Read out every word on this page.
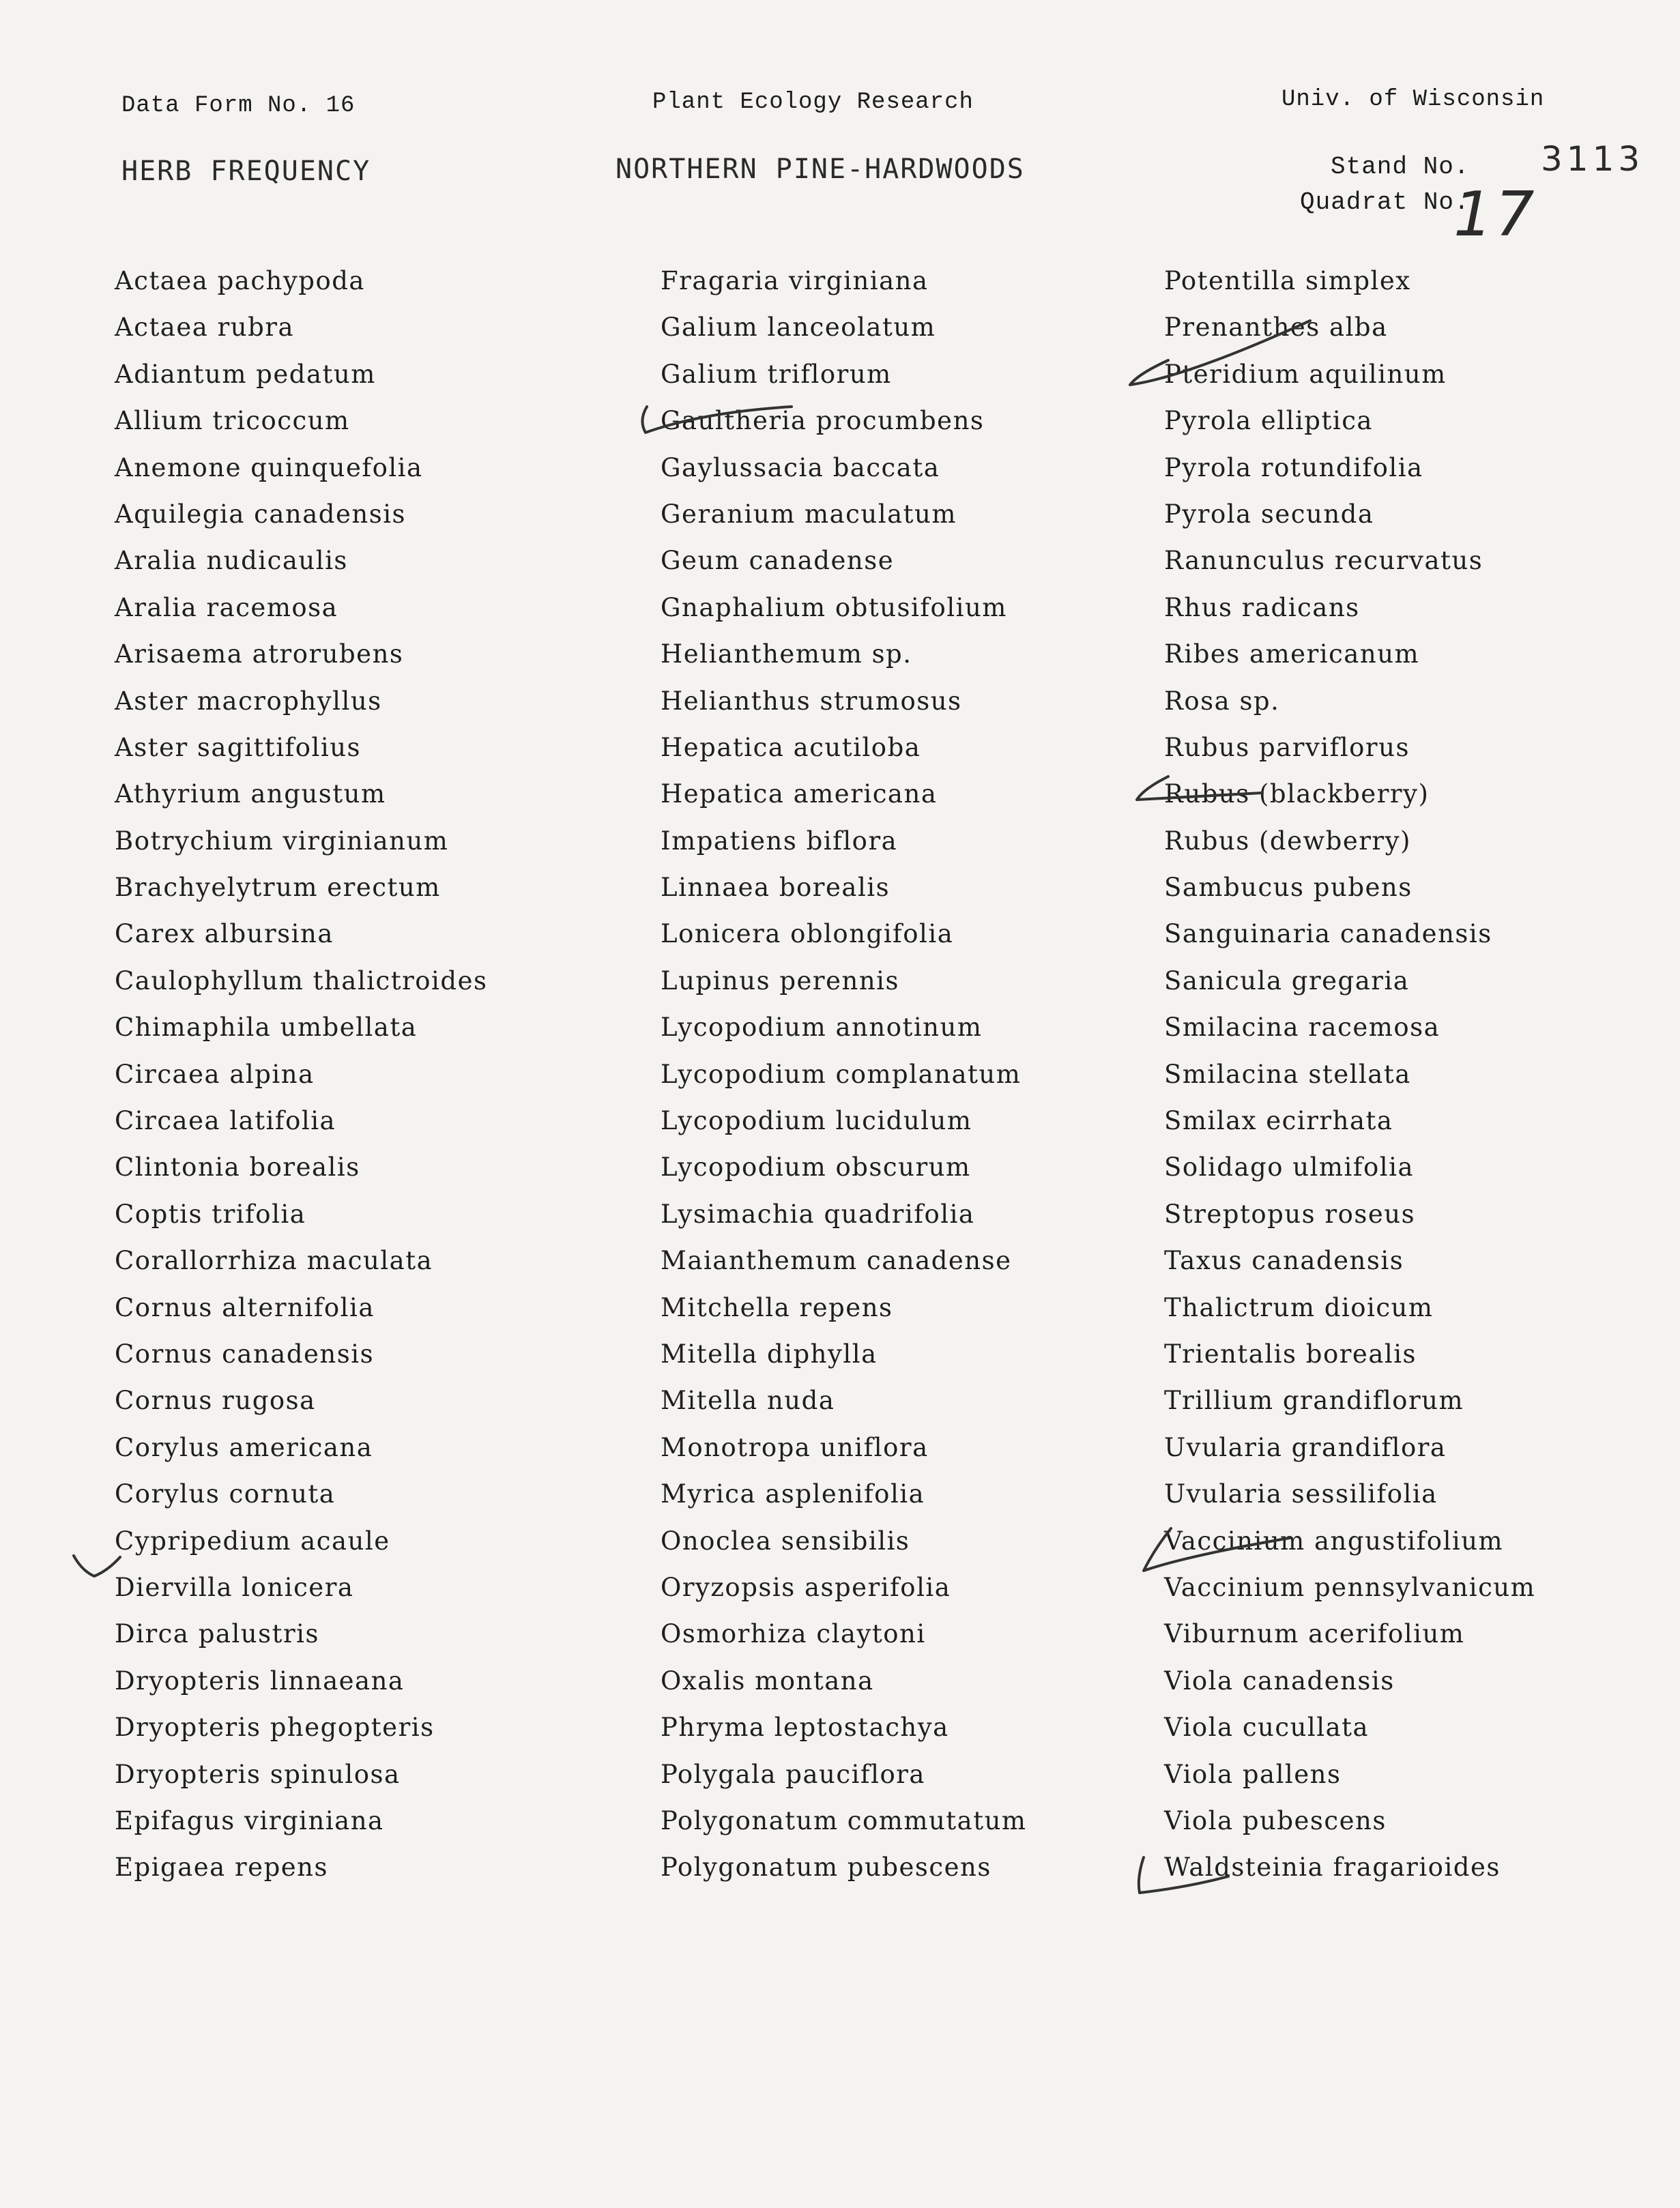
Data Form No. 16	Plant Ecology Research	Univ. of Wisconsin
HERB FREQUENCY	NORTHERN PINE-HARDWOODS	Stand No. 3113
Quadrat No.
17
Actaea pachypoda
Actaea rubra
Adiantum pedatum
Allium tricoccum
Anemone quinquefolia
Aquilegia canadensis
Aralia nudicaulis
Aralia racemosa
Arisaema atrorubens
Aster macrophyllus
Aster sagittifolius
Athyrium angustum
Botrychium virginianum
Brachyelytrum erectum
Carex albursina
Caulophyllum thalictroides
Chimaphila umbellata
Circaea alpina
Circaea latifolia
Clintonia borealis
Coptis trifolia
Corallorrhiza maculata
Cornus alternifolia
Cornus canadensis
Cornus rugosa
Corylus americana
Corylus cornuta
Cypripedium acaule
Diervilla lonicera
Dirca palustris
Dryopteris linnaeana
Dryopteris phegopteris
Dryopteris spinulosa
Epifagus virginiana
Epigaea repens
Fragaria virginiana
Galium lanceolatum
Galium triflorum
Gaultheria procumbens
Gaylussacia baccata
Geranium maculatum
Geum canadense
Gnaphalium obtusifolium
Helianthemum sp.
Helianthus strumosus
Hepatica acutiloba
Hepatica americana
Impatiens biflora
Linnaea borealis
Lonicera oblongifolia
Lupinus perennis
Lycopodium annotinum
Lycopodium complanatum
Lycopodium lucidulum
Lycopodium obscurum
Lysimachia quadrifolia
Maianthemum canadense
Mitchella repens
Mitella diphylla
Mitella nuda
Monotropa uniflora
Myrica asplenifolia
Onoclea sensibilis
Oryzopsis asperifolia
Osmorhiza claytoni
Oxalis montana
Phryma leptostachya
Polygala pauciflora
Polygonatum commutatum
Polygonatum pubescens
Potentilla simplex
Prenanthes alba
Pteridium aquilinum
Pyrola elliptica
Pyrola rotundifolia
Pyrola secunda
Ranunculus recurvatus
Rhus radicans
Ribes americanum
Rosa sp.
Rubus parviflorus
Rubus (blackberry)
Rubus (dewberry)
Sambucus pubens
Sanguinaria canadensis
Sanicula gregaria
Smilacina racemosa
Smilacina stellata
Smilax ecirrhata
Solidago ulmifolia
Streptopus roseus
Taxus canadensis
Thalictrum dioicum
Trientalis borealis
Trillium grandiflorum
Uvularia grandiflora
Uvularia sessilifolia
Vaccinium angustifolium
Vaccinium pennsylvanicum
Viburnum acerifolium
Viola canadensis
Viola cucullata
Viola pallens
Viola pubescens
Waldsteinia fragarioides
